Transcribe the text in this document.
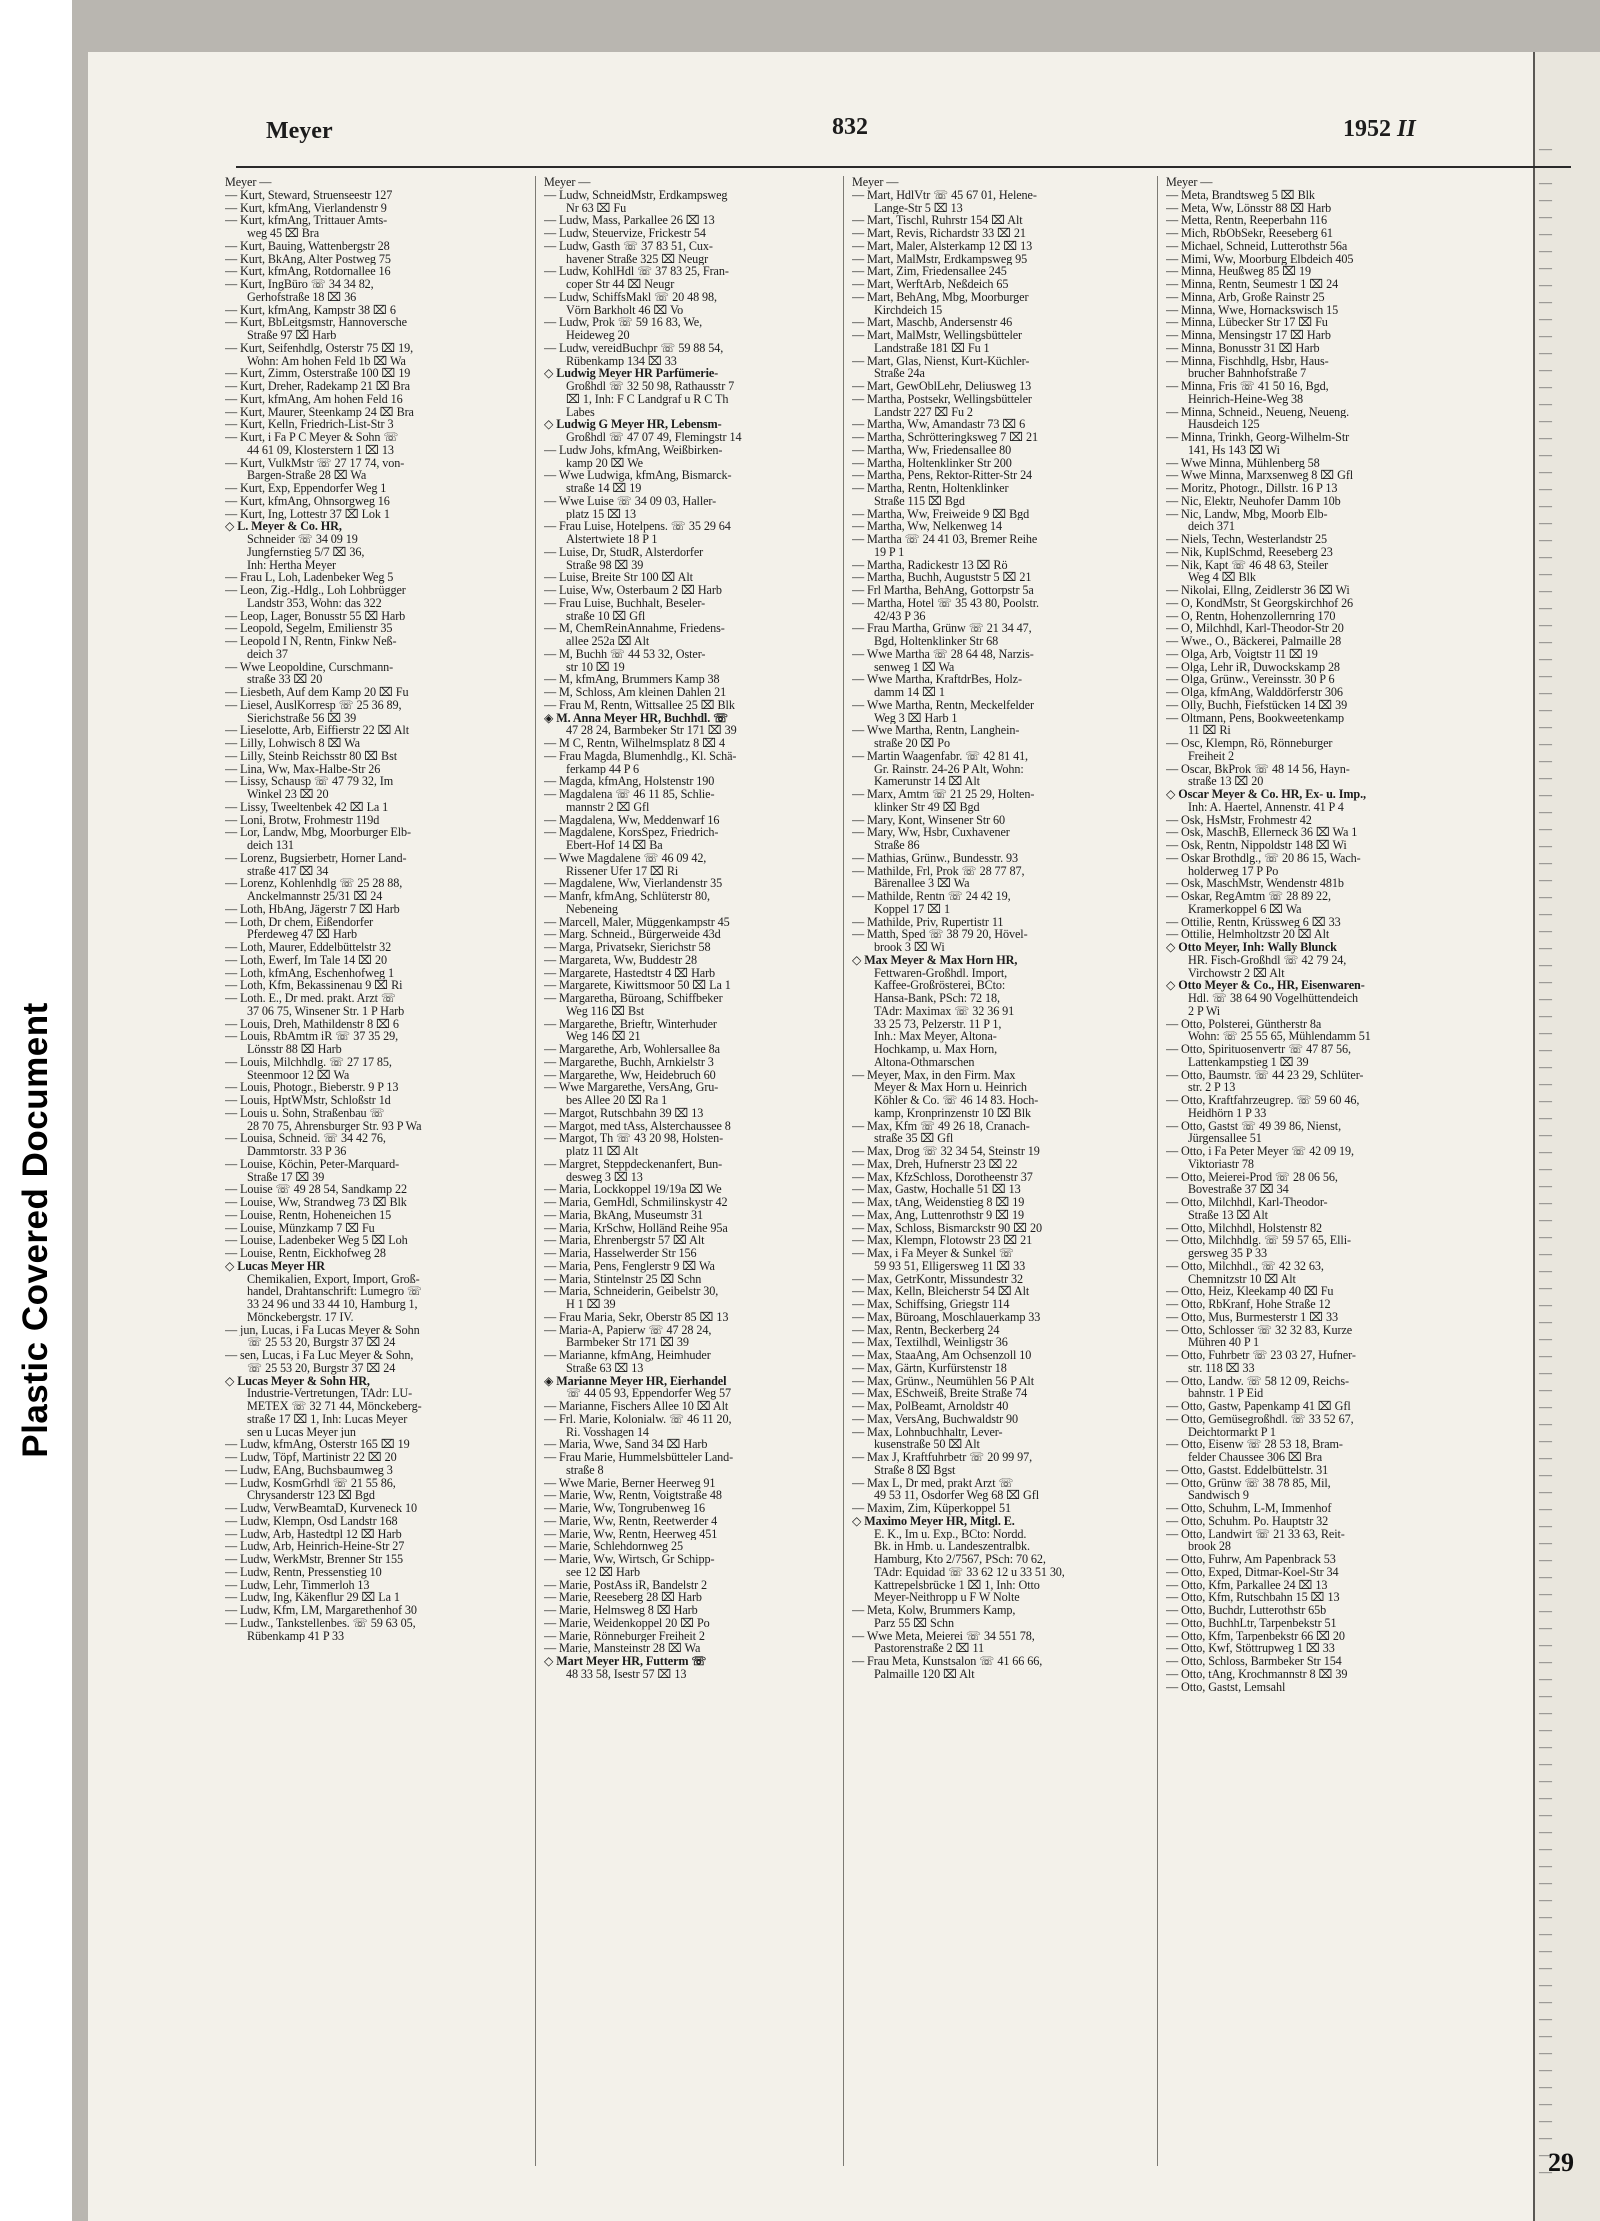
Plastic Covered Document
—
—
—
—
—
—
—
—
—
—
—
—
—
—
—
—
—
—
—
—
—
—
—
—
—
—
—
—
—
—
—
—
—
—
—
—
—
—
—
—
—
—
—
—
—
—
—
—
—
—
—
—
—
—
—
—
—
—
—
—
—
—
—
—
—
—
—
—
—
—
—
—
—
—
—
—
—
—
—
—
—
—
—
—
—
—
—
—
—
—
—
—
—
—
—
—
—
—
—
—
—
—
—
—
—
—
—
—
—
—
—
—
—
—
—
—
—
—
—
29
Meyer	832	1952 II
Meyer —
— Kurt, Steward, Struenseestr 127
— Kurt, kfmAng, Vierlandenstr 9
— Kurt, kfmAng, Trittauer Amts-
weg 45 ⌧ Bra
— Kurt, Bauing, Wattenbergstr 28
— Kurt, BkAng, Alter Postweg 75
— Kurt, kfmAng, Rotdornallee 16
— Kurt, IngBüro ☏ 34 34 82,
Gerhofstraße 18 ⌧ 36
— Kurt, kfmAng, Kampstr 38 ⌧ 6
— Kurt, BbLeitgsmstr, Hannoversche
Straße 97 ⌧ Harb
— Kurt, Seifenhdlg, Osterstr 75 ⌧ 19,
Wohn: Am hohen Feld 1b ⌧ Wa
— Kurt, Zimm, Osterstraße 100 ⌧ 19
— Kurt, Dreher, Radekamp 21 ⌧ Bra
— Kurt, kfmAng, Am hohen Feld 16
— Kurt, Maurer, Steenkamp 24 ⌧ Bra
— Kurt, Kelln, Friedrich-List-Str 3
— Kurt, i Fa P C Meyer & Sohn ☏
44 61 09, Klosterstern 1 ⌧ 13
— Kurt, VulkMstr ☏ 27 17 74, von-
Bargen-Straße 28 ⌧ Wa
— Kurt, Exp, Eppendorfer Weg 1
— Kurt, kfmAng, Ohnsorgweg 16
— Kurt, Ing, Lottestr 37 ⌧ Lok 1
◇ L. Meyer & Co. HR,
Schneider ☏ 34 09 19
Jungfernstieg 5/7 ⌧ 36,
Inh: Hertha Meyer
— Frau L, Loh, Ladenbeker Weg 5
— Leon, Zig.-Hdlg., Loh Lohbrügger
Landstr 353, Wohn: das 322
— Leop, Lager, Bonusstr 55 ⌧ Harb
— Leopold, Segelm, Emilienstr 35
— Leopold I N, Rentn, Finkw Neß-
deich 37
— Wwe Leopoldine, Curschmann-
straße 33 ⌧ 20
— Liesbeth, Auf dem Kamp 20 ⌧ Fu
— Liesel, AuslKorresp ☏ 25 36 89,
Sierichstraße 56 ⌧ 39
— Lieselotte, Arb, Eiffierstr 22 ⌧ Alt
— Lilly, Lohwisch 8 ⌧ Wa
— Lilly, Steinb Reichsstr 80 ⌧ Bst
— Lina, Ww, Max-Halbe-Str 26
— Lissy, Schausp ☏ 47 79 32, Im
Winkel 23 ⌧ 20
— Lissy, Tweeltenbek 42 ⌧ La 1
— Loni, Brotw, Frohmestr 119d
— Lor, Landw, Mbg, Moorburger Elb-
deich 131
— Lorenz, Bugsierbetr, Horner Land-
straße 417 ⌧ 34
— Lorenz, Kohlenhdlg ☏ 25 28 88,
Anckelmannstr 25/31 ⌧ 24
— Loth, HbAng, Jägerstr 7 ⌧ Harb
— Loth, Dr chem, Eißendorfer
Pferdeweg 47 ⌧ Harb
— Loth, Maurer, Eddelbüttelstr 32
— Loth, Ewerf, Im Tale 14 ⌧ 20
— Loth, kfmAng, Eschenhofweg 1
— Loth, Kfm, Bekassinenau 9 ⌧ Ri
— Loth. E., Dr med. prakt. Arzt ☏
37 06 75, Winsener Str. 1 P Harb
— Louis, Dreh, Mathildenstr 8 ⌧ 6
— Louis, RbAmtm iR ☏ 37 35 29,
Lönsstr 88 ⌧ Harb
— Louis, Milchhdlg. ☏ 27 17 85,
Steenmoor 12 ⌧ Wa
— Louis, Photogr., Bieberstr. 9 P 13
— Louis, HptWMstr, Schloßstr 1d
— Louis u. Sohn, Straßenbau ☏
28 70 75, Ahrensburger Str. 93 P Wa
— Louisa, Schneid. ☏ 34 42 76,
Dammtorstr. 33 P 36
— Louise, Köchin, Peter-Marquard-
Straße 17 ⌧ 39
— Louise ☏ 49 28 54, Sandkamp 22
— Louise, Ww, Strandweg 73 ⌧ Blk
— Louise, Rentn, Hoheneichen 15
— Louise, Münzkamp 7 ⌧ Fu
— Louise, Ladenbeker Weg 5 ⌧ Loh
— Louise, Rentn, Eickhofweg 28
◇ Lucas Meyer HR
Chemikalien, Export, Import, Groß-
handel, Drahtanschrift: Lumegro ☏
33 24 96 und 33 44 10, Hamburg 1,
Mönckebergstr. 17 IV.
— jun, Lucas, i Fa Lucas Meyer & Sohn
☏ 25 53 20, Burgstr 37 ⌧ 24
— sen, Lucas, i Fa Luc Meyer & Sohn,
☏ 25 53 20, Burgstr 37 ⌧ 24
◇ Lucas Meyer & Sohn HR,
Industrie-Vertretungen, TAdr: LU-
METEX ☏ 32 71 44, Mönckeberg-
straße 17 ⌧ 1, Inh: Lucas Meyer
sen u Lucas Meyer jun
— Ludw, kfmAng, Osterstr 165 ⌧ 19
— Ludw, Töpf, Martinistr 22 ⌧ 20
— Ludw, EAng, Buchsbaumweg 3
— Ludw, KosmGrhdl ☏ 21 55 86,
Chrysanderstr 123 ⌧ Bgd
— Ludw, VerwBeamtaD, Kurveneck 10
— Ludw, Klempn, Osd Landstr 168
— Ludw, Arb, Hastedtpl 12 ⌧ Harb
— Ludw, Arb, Heinrich-Heine-Str 27
— Ludw, WerkMstr, Brenner Str 155
— Ludw, Rentn, Pressenstieg 10
— Ludw, Lehr, Timmerloh 13
— Ludw, Ing, Käkenflur 29 ⌧ La 1
— Ludw, Kfm, LM, Margarethenhof 30
— Ludw., Tankstellenbes. ☏ 59 63 05,
Rübenkamp 41 P 33
Meyer —
— Ludw, SchneidMstr, Erdkampsweg
Nr 63 ⌧ Fu
— Ludw, Mass, Parkallee 26 ⌧ 13
— Ludw, Steuervize, Frickestr 54
— Ludw, Gasth ☏ 37 83 51, Cux-
havener Straße 325 ⌧ Neugr
— Ludw, KohlHdl ☏ 37 83 25, Fran-
coper Str 44 ⌧ Neugr
— Ludw, SchiffsMakl ☏ 20 48 98,
Vörn Barkholt 46 ⌧ Vo
— Ludw, Prok ☏ 59 16 83, We,
Heideweg 20
— Ludw, vereidBuchpr ☏ 59 88 54,
Rübenkamp 134 ⌧ 33
◇ Ludwig Meyer HR Parfümerie-
Großhdl ☏ 32 50 98, Rathausstr 7
⌧ 1, Inh: F C Landgraf u R C Th
Labes
◇ Ludwig G Meyer HR, Lebensm-
Großhdl ☏ 47 07 49, Flemingstr 14
— Ludw Johs, kfmAng, Weißbirken-
kamp 20 ⌧ We
— Wwe Ludwiga, kfmAng, Bismarck-
straße 14 ⌧ 19
— Wwe Luise ☏ 34 09 03, Haller-
platz 15 ⌧ 13
— Frau Luise, Hotelpens. ☏ 35 29 64
Alstertwiete 18 P 1
— Luise, Dr, StudR, Alsterdorfer
Straße 98 ⌧ 39
— Luise, Breite Str 100 ⌧ Alt
— Luise, Ww, Osterbaum 2 ⌧ Harb
— Frau Luise, Buchhalt, Beseler-
straße 10 ⌧ Gfl
— M, ChemReinAnnahme, Friedens-
allee 252a ⌧ Alt
— M, Buchh ☏ 44 53 32, Oster-
str 10 ⌧ 19
— M, kfmAng, Brummers Kamp 38
— M, Schloss, Am kleinen Dahlen 21
— Frau M, Rentn, Wittsallee 25 ⌧ Blk
◈ M. Anna Meyer HR, Buchhdl. ☏
47 28 24, Barmbeker Str 171 ⌧ 39
— M C, Rentn, Wilhelmsplatz 8 ⌧ 4
— Frau Magda, Blumenhdlg., Kl. Schä-
ferkamp 44 P 6
— Magda, kfmAng, Holstenstr 190
— Magdalena ☏ 46 11 85, Schlie-
mannstr 2 ⌧ Gfl
— Magdalena, Ww, Meddenwarf 16
— Magdalene, KorsSpez, Friedrich-
Ebert-Hof 14 ⌧ Ba
— Wwe Magdalene ☏ 46 09 42,
Rissener Ufer 17 ⌧ Ri
— Magdalene, Ww, Vierlandenstr 35
— Manfr, kfmAng, Schlüterstr 80,
Nebeneing
— Marcell, Maler, Müggenkampstr 45
— Marg. Schneid., Bürgerweide 43d
— Marga, Privatsekr, Sierichstr 58
— Margareta, Ww, Buddestr 28
— Margarete, Hastedtstr 4 ⌧ Harb
— Margarete, Kiwittsmoor 50 ⌧ La 1
— Margaretha, Büroang, Schiffbeker
Weg 116 ⌧ Bst
— Margarethe, Brieftr, Winterhuder
Weg 146 ⌧ 21
— Margarethe, Arb, Wohlersallee 8a
— Margarethe, Buchh, Arnkielstr 3
— Margarethe, Ww, Heidebruch 60
— Wwe Margarethe, VersAng, Gru-
bes Allee 20 ⌧ Ra 1
— Margot, Rutschbahn 39 ⌧ 13
— Margot, med tAss, Alsterchaussee 8
— Margot, Th ☏ 43 20 98, Holsten-
platz 11 ⌧ Alt
— Margret, Steppdeckenanfert, Bun-
desweg 3 ⌧ 13
— Maria, Lockkoppel 19/19a ⌧ We
— Maria, GemHdl, Schmilinskystr 42
— Maria, BkAng, Museumstr 31
— Maria, KrSchw, Holländ Reihe 95a
— Maria, Ehrenbergstr 57 ⌧ Alt
— Maria, Hasselwerder Str 156
— Maria, Pens, Fenglerstr 9 ⌧ Wa
— Maria, Stintelnstr 25 ⌧ Schn
— Maria, Schneiderin, Geibelstr 30,
H 1 ⌧ 39
— Frau Maria, Sekr, Oberstr 85 ⌧ 13
— Maria-A, Papierw ☏ 47 28 24,
Barmbeker Str 171 ⌧ 39
— Marianne, kfmAng, Heimhuder
Straße 63 ⌧ 13
◈ Marianne Meyer HR, Eierhandel
☏ 44 05 93, Eppendorfer Weg 57
— Marianne, Fischers Allee 10 ⌧ Alt
— Frl. Marie, Kolonialw. ☏ 46 11 20,
Ri. Vosshagen 14
— Maria, Wwe, Sand 34 ⌧ Harb
— Frau Marie, Hummelsbütteler Land-
straße 8
— Wwe Marie, Berner Heerweg 91
— Marie, Ww, Rentn, Voigtstraße 48
— Marie, Ww, Tongrubenweg 16
— Marie, Ww, Rentn, Reetwerder 4
— Marie, Ww, Rentn, Heerweg 451
— Marie, Schlehdornweg 25
— Marie, Ww, Wirtsch, Gr Schipp-
see 12 ⌧ Harb
— Marie, PostAss iR, Bandelstr 2
— Marie, Reeseberg 28 ⌧ Harb
— Marie, Helmsweg 8 ⌧ Harb
— Marie, Weidenkoppel 20 ⌧ Po
— Marie, Rönneburger Freiheit 2
— Marie, Mansteinstr 28 ⌧ Wa
◇ Mart Meyer HR, Futterm ☏
48 33 58, Isestr 57 ⌧ 13
Meyer —
— Mart, HdlVtr ☏ 45 67 01, Helene-
Lange-Str 5 ⌧ 13
— Mart, Tischl, Ruhrstr 154 ⌧ Alt
— Mart, Revis, Richardstr 33 ⌧ 21
— Mart, Maler, Alsterkamp 12 ⌧ 13
— Mart, MalMstr, Erdkampsweg 95
— Mart, Zim, Friedensallee 245
— Mart, WerftArb, Neßdeich 65
— Mart, BehAng, Mbg, Moorburger
Kirchdeich 15
— Mart, Maschb, Andersenstr 46
— Mart, MalMstr, Wellingsbütteler
Landstraße 181 ⌧ Fu 1
— Mart, Glas, Nienst, Kurt-Küchler-
Straße 24a
— Mart, GewOblLehr, Deliusweg 13
— Martha, Postsekr, Wellingsbütteler
Landstr 227 ⌧ Fu 2
— Martha, Ww, Amandastr 73 ⌧ 6
— Martha, Schrötteringksweg 7 ⌧ 21
— Martha, Ww, Friedensallee 80
— Martha, Holtenklinker Str 200
— Martha, Pens, Rektor-Ritter-Str 24
— Martha, Rentn, Holtenklinker
Straße 115 ⌧ Bgd
— Martha, Ww, Freiweide 9 ⌧ Bgd
— Martha, Ww, Nelkenweg 14
— Martha ☏ 24 41 03, Bremer Reihe
19 P 1
— Martha, Radickestr 13 ⌧ Rö
— Martha, Buchh, Auguststr 5 ⌧ 21
— Frl Martha, BehAng, Gottorpstr 5a
— Martha, Hotel ☏ 35 43 80, Poolstr.
42/43 P 36
— Frau Martha, Grünw ☏ 21 34 47,
Bgd, Holtenklinker Str 68
— Wwe Martha ☏ 28 64 48, Narzis-
senweg 1 ⌧ Wa
— Wwe Martha, KraftdrBes, Holz-
damm 14 ⌧ 1
— Wwe Martha, Rentn, Meckelfelder
Weg 3 ⌧ Harb 1
— Wwe Martha, Rentn, Langhein-
straße 20 ⌧ Po
— Martin Waagenfabr. ☏ 42 81 41,
Gr. Rainstr. 24-26 P Alt, Wohn:
Kamerunstr 14 ⌧ Alt
— Marx, Amtm ☏ 21 25 29, Holten-
klinker Str 49 ⌧ Bgd
— Mary, Kont, Winsener Str 60
— Mary, Ww, Hsbr, Cuxhavener
Straße 86
— Mathias, Grünw., Bundesstr. 93
— Mathilde, Frl, Prok ☏ 28 77 87,
Bärenallee 3 ⌧ Wa
— Mathilde, Rentn ☏ 24 42 19,
Koppel 17 ⌧ 1
— Mathilde, Priv, Rupertistr 11
— Matth, Sped ☏ 38 79 20, Hövel-
brook 3 ⌧ Wi
◇ Max Meyer & Max Horn HR,
Fettwaren-Großhdl. Import,
Kaffee-Großrösterei, BCto:
Hansa-Bank, PSch: 72 18,
TAdr: Maximax ☏ 32 36 91
33 25 73, Pelzerstr. 11 P 1,
Inh.: Max Meyer, Altona-
Hochkamp, u. Max Horn,
Altona-Othmarschen
— Meyer, Max, in den Firm. Max
Meyer & Max Horn u. Heinrich
Köhler & Co. ☏ 46 14 83. Hoch-
kamp, Kronprinzenstr 10 ⌧ Blk
— Max, Kfm ☏ 49 26 18, Cranach-
straße 35 ⌧ Gfl
— Max, Drog ☏ 32 34 54, Steinstr 19
— Max, Dreh, Hufnerstr 23 ⌧ 22
— Max, KfzSchloss, Dorotheenstr 37
— Max, Gastw, Hochalle 51 ⌧ 13
— Max, tAng, Weidenstieg 8 ⌧ 19
— Max, Ang, Luttenrothstr 9 ⌧ 19
— Max, Schloss, Bismarckstr 90 ⌧ 20
— Max, Klempn, Flotowstr 23 ⌧ 21
— Max, i Fa Meyer & Sunkel ☏
59 93 51, Elligersweg 11 ⌧ 33
— Max, GetrKontr, Missundestr 32
— Max, Kelln, Bleicherstr 54 ⌧ Alt
— Max, Schiffsing, Griegstr 114
— Max, Büroang, Moschlauerkamp 33
— Max, Rentn, Beckerberg 24
— Max, Textilhdl, Weinligstr 36
— Max, StaaAng, Am Ochsenzoll 10
— Max, Gärtn, Kurfürstenstr 18
— Max, Grünw., Neumühlen 56 P Alt
— Max, ESchweiß, Breite Straße 74
— Max, PolBeamt, Arnoldstr 40
— Max, VersAng, Buchwaldstr 90
— Max, Lohnbuchhaltr, Lever-
kusenstraße 50 ⌧ Alt
— Max J, Kraftfuhrbetr ☏ 20 99 97,
Straße 8 ⌧ Bgst
— Max L, Dr med, prakt Arzt ☏
49 53 11, Osdorfer Weg 68 ⌧ Gfl
— Maxim, Zim, Küperkoppel 51
◇ Maximo Meyer HR, Mitgl. E.
E. K., Im u. Exp., BCto: Nordd.
Bk. in Hmb. u. Landeszentralbk.
Hamburg, Kto 2/7567, PSch: 70 62,
TAdr: Equidad ☏ 33 62 12 u 33 51 30,
Kattrepelsbrücke 1 ⌧ 1, Inh: Otto
Meyer-Neithropp u F W Nolte
— Meta, Kolw, Brummers Kamp,
Parz 55 ⌧ Schn
— Wwe Meta, Meierei ☏ 34 551 78,
Pastorenstraße 2 ⌧ 11
— Frau Meta, Kunstsalon ☏ 41 66 66,
Palmaille 120 ⌧ Alt
Meyer —
— Meta, Brandtsweg 5 ⌧ Blk
— Meta, Ww, Lönsstr 88 ⌧ Harb
— Metta, Rentn, Reeperbahn 116
— Mich, RbObSekr, Reeseberg 61
— Michael, Schneid, Lutterothstr 56a
— Mimi, Ww, Moorburg Elbdeich 405
— Minna, Heußweg 85 ⌧ 19
— Minna, Rentn, Seumestr 1 ⌧ 24
— Minna, Arb, Große Rainstr 25
— Minna, Wwe, Hornackswisch 15
— Minna, Lübecker Str 17 ⌧ Fu
— Minna, Mensingstr 17 ⌧ Harb
— Minna, Bonusstr 31 ⌧ Harb
— Minna, Fischhdlg, Hsbr, Haus-
brucher Bahnhofstraße 7
— Minna, Fris ☏ 41 50 16, Bgd,
Heinrich-Heine-Weg 38
— Minna, Schneid., Neueng, Neueng.
Hausdeich 125
— Minna, Trinkh, Georg-Wilhelm-Str
141, Hs 143 ⌧ Wi
— Wwe Minna, Mühlenberg 58
— Wwe Minna, Marxsenweg 8 ⌧ Gfl
— Moritz, Photogr., Dillstr. 16 P 13
— Nic, Elektr, Neuhofer Damm 10b
— Nic, Landw, Mbg, Moorb Elb-
deich 371
— Niels, Techn, Westerlandstr 25
— Nik, KuplSchmd, Reeseberg 23
— Nik, Kapt ☏ 46 48 63, Steiler
Weg 4 ⌧ Blk
— Nikolai, Ellng, Zeidlerstr 36 ⌧ Wi
— O, KondMstr, St Georgskirchhof 26
— O, Rentn, Hohenzollernring 170
— O, Milchhdl, Karl-Theodor-Str 20
— Wwe., O., Bäckerei, Palmaille 28
— Olga, Arb, Voigtstr 11 ⌧ 19
— Olga, Lehr iR, Duwockskamp 28
— Olga, Grünw., Vereinsstr. 30 P 6
— Olga, kfmAng, Walddörferstr 306
— Olly, Buchh, Fiefstücken 14 ⌧ 39
— Oltmann, Pens, Bookweetenkamp
11 ⌧ Ri
— Osc, Klempn, Rö, Rönneburger
Freiheit 2
— Oscar, BkProk ☏ 48 14 56, Hayn-
straße 13 ⌧ 20
◇ Oscar Meyer & Co. HR, Ex- u. Imp.,
Inh: A. Haertel, Annenstr. 41 P 4
— Osk, HsMstr, Frohmestr 42
— Osk, MaschB, Ellerneck 36 ⌧ Wa 1
— Osk, Rentn, Nippoldstr 148 ⌧ Wi
— Oskar Brothdlg., ☏ 20 86 15, Wach-
holderweg 17 P Po
— Osk, MaschMstr, Wendenstr 481b
— Oskar, RegAmtm ☏ 28 89 22,
Kramerkoppel 6 ⌧ Wa
— Ottilie, Rentn, Krüssweg 6 ⌧ 33
— Ottilie, Helmholtzstr 20 ⌧ Alt
◇ Otto Meyer, Inh: Wally Blunck
HR. Fisch-Großhdl ☏ 42 79 24,
Virchowstr 2 ⌧ Alt
◇ Otto Meyer & Co., HR, Eisenwaren-
Hdl. ☏ 38 64 90 Vogelhüttendeich
2 P Wi
— Otto, Polsterei, Güntherstr 8a
Wohn: ☏ 25 55 65, Mühlendamm 51
— Otto, Spirituosenvertr ☏ 47 87 56,
Lattenkampstieg 1 ⌧ 39
— Otto, Baumstr. ☏ 44 23 29, Schlüter-
str. 2 P 13
— Otto, Kraftfahrzeugrep. ☏ 59 60 46,
Heidhörn 1 P 33
— Otto, Gastst ☏ 49 39 86, Nienst,
Jürgensallee 51
— Otto, i Fa Peter Meyer ☏ 42 09 19,
Viktoriastr 78
— Otto, Meierei-Prod ☏ 28 06 56,
Bovestraße 37 ⌧ 34
— Otto, Milchhdl, Karl-Theodor-
Straße 13 ⌧ Alt
— Otto, Milchhdl, Holstenstr 82
— Otto, Milchhdlg. ☏ 59 57 65, Elli-
gersweg 35 P 33
— Otto, Milchhdl., ☏ 42 32 63,
Chemnitzstr 10 ⌧ Alt
— Otto, Heiz, Kleekamp 40 ⌧ Fu
— Otto, RbKranf, Hohe Straße 12
— Otto, Mus, Burmesterstr 1 ⌧ 33
— Otto, Schlosser ☏ 32 32 83, Kurze
Mühren 40 P 1
— Otto, Fuhrbetr ☏ 23 03 27, Hufner-
str. 118 ⌧ 33
— Otto, Landw. ☏ 58 12 09, Reichs-
bahnstr. 1 P Eid
— Otto, Gastw, Papenkamp 41 ⌧ Gfl
— Otto, Gemüsegroßhdl. ☏ 33 52 67,
Deichtormarkt P 1
— Otto, Eisenw ☏ 28 53 18, Bram-
felder Chaussee 306 ⌧ Bra
— Otto, Gastst. Eddelbüttelstr. 31
— Otto, Grünw ☏ 38 78 85, Mil,
Sandwisch 9
— Otto, Schuhm, L-M, Immenhof
— Otto, Schuhm. Po. Hauptstr 32
— Otto, Landwirt ☏ 21 33 63, Reit-
brook 28
— Otto, Fuhrw, Am Papenbrack 53
— Otto, Exped, Ditmar-Koel-Str 34
— Otto, Kfm, Parkallee 24 ⌧ 13
— Otto, Kfm, Rutschbahn 15 ⌧ 13
— Otto, Buchdr, Lutterothstr 65b
— Otto, BuchhLtr, Tarpenbekstr 51
— Otto, Kfm, Tarpenbekstr 66 ⌧ 20
— Otto, Kwf, Stöttrupweg 1 ⌧ 33
— Otto, Schloss, Barmbeker Str 154
— Otto, tAng, Krochmannstr 8 ⌧ 39
— Otto, Gastst, Lemsahl
